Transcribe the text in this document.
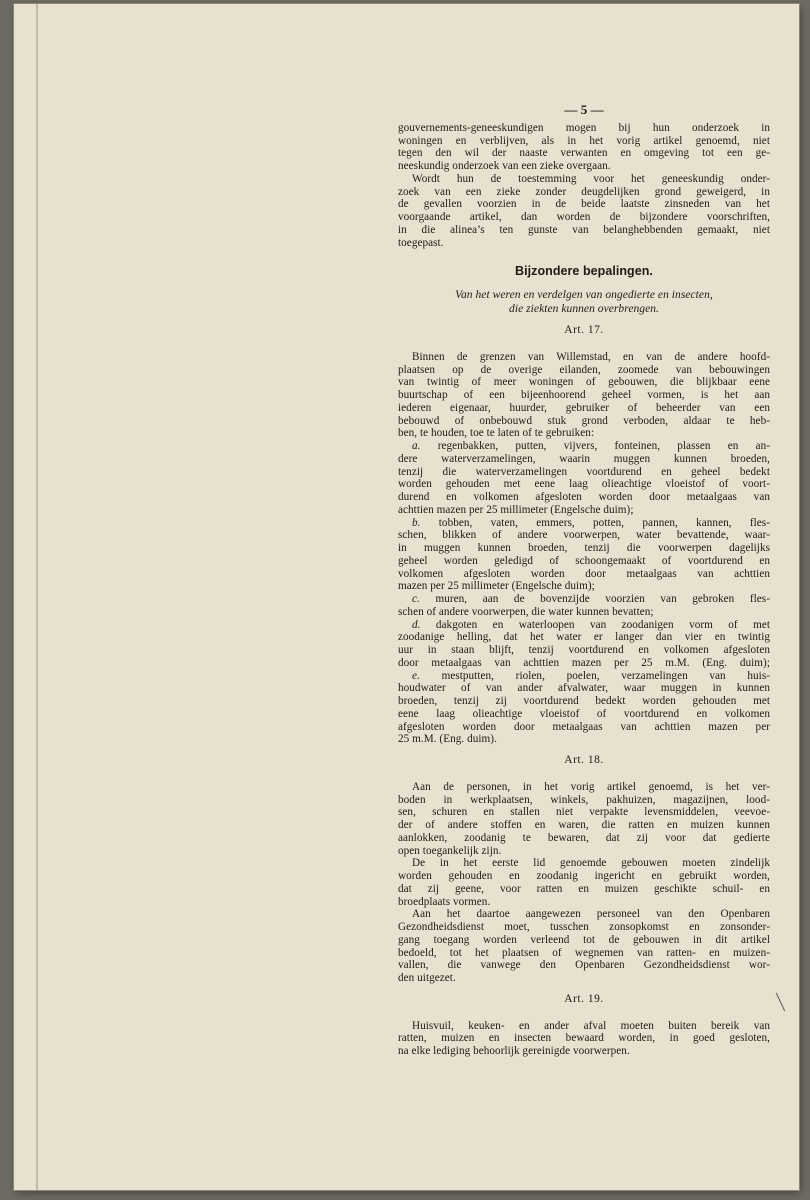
— 5 —
gouvernements-geneeskundigen mogen bij hun onderzoek in
woningen en verblijven, als in het vorig artikel genoemd, niet
tegen den wil der naaste verwanten en omgeving tot een ge-
neeskundig onderzoek van een zieke overgaan.
Wordt hun de toestemming voor het geneeskundig onder-
zoek van een zieke zonder deugdelijken grond geweigerd, in
de gevallen voorzien in de beide laatste zinsneden van het
voorgaande artikel, dan worden de bijzondere voorschriften,
in die alinea’s ten gunste van belanghebbenden gemaakt, niet
toegepast.
Bijzondere bepalingen.
Van het weren en verdelgen van ongedierte en insecten,
die ziekten kunnen overbrengen.
Art. 17.
Binnen de grenzen van Willemstad, en van de andere hoofd-
plaatsen op de overige eilanden, zoomede van bebouwingen
van twintig of meer woningen of gebouwen, die blijkbaar eene
buurtschap of een bijeenhoorend geheel vormen, is het aan
iederen eigenaar, huurder, gebruiker of beheerder van een
bebouwd of onbebouwd stuk grond verboden, aldaar te heb-
ben, te houden, toe te laten of te gebruiken:
a. regenbakken, putten, vijvers, fonteinen, plassen en an-
dere waterverzamelingen, waarin muggen kunnen broeden,
tenzij die waterverzamelingen voortdurend en geheel bedekt
worden gehouden met eene laag olieachtige vloeistof of voort-
durend en volkomen afgesloten worden door metaalgaas van
achttien mazen per 25 millimeter (Engelsche duim);
b. tobben, vaten, emmers, potten, pannen, kannen, fles-
schen, blikken of andere voorwerpen, water bevattende, waar-
in muggen kunnen broeden, tenzij die voorwerpen dagelijks
geheel worden geledigd of schoongemaakt of voortdurend en
volkomen afgesloten worden door metaalgaas van achttien
mazen per 25 millimeter (Engelsche duim);
c. muren, aan de bovenzijde voorzien van gebroken fles-
schen of andere voorwerpen, die water kunnen bevatten;
d. dakgoten en waterloopen van zoodanigen vorm of met
zoodanige helling, dat het water er langer dan vier en twintig
uur in staan blijft, tenzij voortdurend en volkomen afgesloten
door metaalgaas van achttien mazen per 25 m.M. (Eng. duim);
e. mestputten, riolen, poelen, verzamelingen van huis-
houdwater of van ander afvalwater, waar muggen in kunnen
broeden, tenzij zij voortdurend bedekt worden gehouden met
eene laag olieachtige vloeistof of voortdurend en volkomen
afgesloten worden door metaalgaas van achttien mazen per
25 m.M. (Eng. duim).
Art. 18.
Aan de personen, in het vorig artikel genoemd, is het ver-
boden in werkplaatsen, winkels, pakhuizen, magazijnen, lood-
sen, schuren en stallen niet verpakte levensmiddelen, veevoe-
der of andere stoffen en waren, die ratten en muizen kunnen
aanlokken, zoodanig te bewaren, dat zij voor dat gedierte
open toegankelijk zijn.
De in het eerste lid genoemde gebouwen moeten zindelijk
worden gehouden en zoodanig ingericht en gebruikt worden,
dat zij geene, voor ratten en muizen geschikte schuil- en
broedplaats vormen.
Aan het daartoe aangewezen personeel van den Openbaren
Gezondheidsdienst moet, tusschen zonsopkomst en zonsonder-
gang toegang worden verleend tot de gebouwen in dit artikel
bedoeld, tot het plaatsen of wegnemen van ratten- en muizen-
vallen, die vanwege den Openbaren Gezondheidsdienst wor-
den uitgezet.
Art. 19.
Huisvuil, keuken- en ander afval moeten buiten bereik van
ratten, muizen en insecten bewaard worden, in goed gesloten,
na elke lediging behoorlijk gereinigde voorwerpen.
